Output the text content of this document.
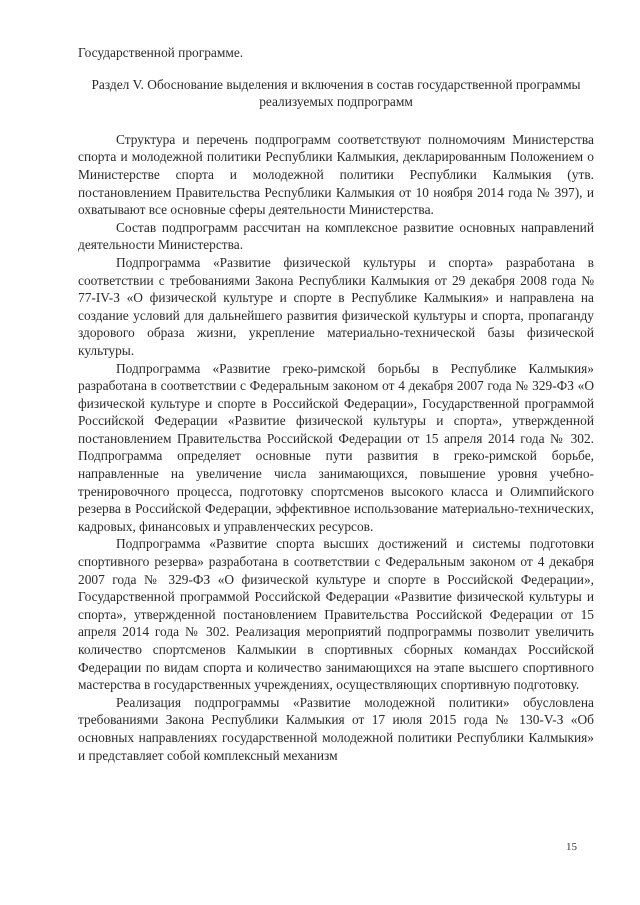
Государственной программе.

Раздел V. Обоснование выделения и включения в состав государственной программы реализуемых подпрограмм

Структура и перечень подпрограмм соответствуют полномочиям Министерства спорта и молодежной политики Республики Калмыкия, декларированным Положением о Министерстве спорта и молодежной политики Республики Калмыкия (утв. постановлением Правительства Республики Калмыкия от 10 ноября 2014 года № 397), и охватывают все основные сферы деятельности Министерства.

Состав подпрограмм рассчитан на комплексное развитие основных направлений деятельности Министерства.

Подпрограмма «Развитие физической культуры и спорта» разработана в соответствии с требованиями Закона Республики Калмыкия от 29 декабря 2008 года № 77-IV-З «О физической культуре и спорте в Республике Калмыкия» и направлена на создание условий для дальнейшего развития физической культуры и спорта, пропаганду здорового образа жизни, укрепление материально-технической базы физической культуры.

Подпрограмма «Развитие греко-римской борьбы в Республике Калмыкия» разработана в соответствии с Федеральным законом от 4 декабря 2007 года № 329-ФЗ «О физической культуре и спорте в Российской Федерации», Государственной программой Российской Федерации «Развитие физической культуры и спорта», утвержденной постановлением Правительства Российской Федерации от 15 апреля 2014 года № 302. Подпрограмма определяет основные пути развития в греко-римской борьбе, направленные на увеличение числа занимающихся, повышение уровня учебно-тренировочного процесса, подготовку спортсменов высокого класса и Олимпийского резерва в Российской Федерации, эффективное использование материально-технических, кадровых, финансовых и управленческих ресурсов.

Подпрограмма «Развитие спорта высших достижений и системы подготовки спортивного резерва» разработана в соответствии с Федеральным законом от 4 декабря 2007 года № 329-ФЗ «О физической культуре и спорте в Российской Федерации», Государственной программой Российской Федерации «Развитие физической культуры и спорта», утвержденной постановлением Правительства Российской Федерации от 15 апреля 2014 года № 302. Реализация мероприятий подпрограммы позволит увеличить количество спортсменов Калмыкии в спортивных сборных командах Российской Федерации по видам спорта и количество занимающихся на этапе высшего спортивного мастерства в государственных учреждениях, осуществляющих спортивную подготовку.

Реализация подпрограммы «Развитие молодежной политики» обусловлена требованиями Закона Республики Калмыкия от 17 июля 2015 года № 130-V-З «Об основных направлениях государственной молодежной политики Республики Калмыкия» и представляет собой комплексный механизм

15
